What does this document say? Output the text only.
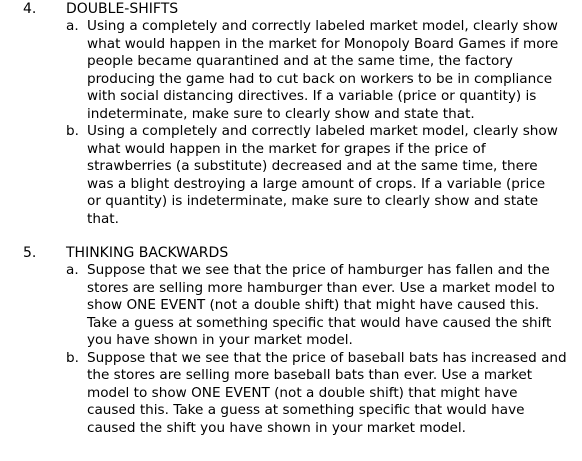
4. DOUBLE-SHIFTS
a. Using a completely and correctly labeled market model, clearly show
what would happen in the market for Monopoly Board Games if more
people became quarantined and at the same time, the factory
producing the game had to cut back on workers to be in compliance
with social distancing directives. If a variable (price or quantity) is
indeterminate, make sure to clearly show and state that.
b. Using a completely and correctly labeled market model, clearly show
what would happen in the market for grapes if the price of
strawberries (a substitute) decreased and at the same time, there
was a blight destroying a large amount of crops. If a variable (price
or quantity) is indeterminate, make sure to clearly show and state
that.
5. THINKING BACKWARDS
a. Suppose that we see that the price of hamburger has fallen and the
stores are selling more hamburger than ever. Use a market model to
show ONE EVENT (not a double shift) that might have caused this.
Take a guess at something specific that would have caused the shift
you have shown in your market model.
b. Suppose that we see that the price of baseball bats has increased and
the stores are selling more baseball bats than ever. Use a market
model to show ONE EVENT (not a double shift) that might have
caused this. Take a guess at something specific that would have
caused the shift you have shown in your market model.
